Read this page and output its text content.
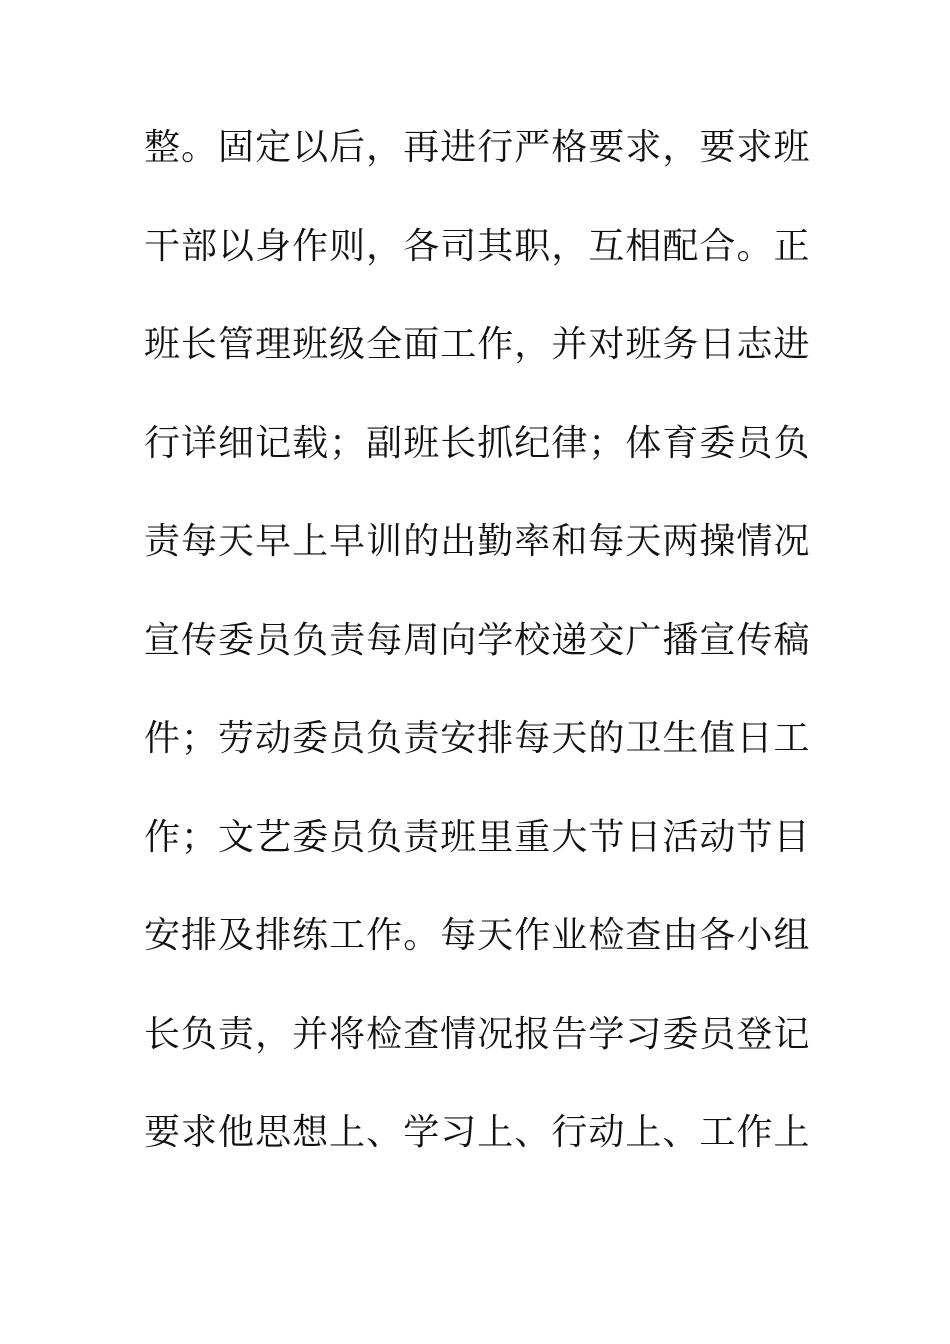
整。固定以后，再进行严格要求，要求班
干部以身作则，各司其职，互相配合。正
班长管理班级全面工作，并对班务日志进
行详细记载；副班长抓纪律；体育委员负
责每天早上早训的出勤率和每天两操情况
宣传委员负责每周向学校递交广播宣传稿
件；劳动委员负责安排每天的卫生值日工
作；文艺委员负责班里重大节日活动节目
安排及排练工作。每天作业检查由各小组
长负责，并将检查情况报告学习委员登记
要求他思想上、学习上、行动上、工作上
